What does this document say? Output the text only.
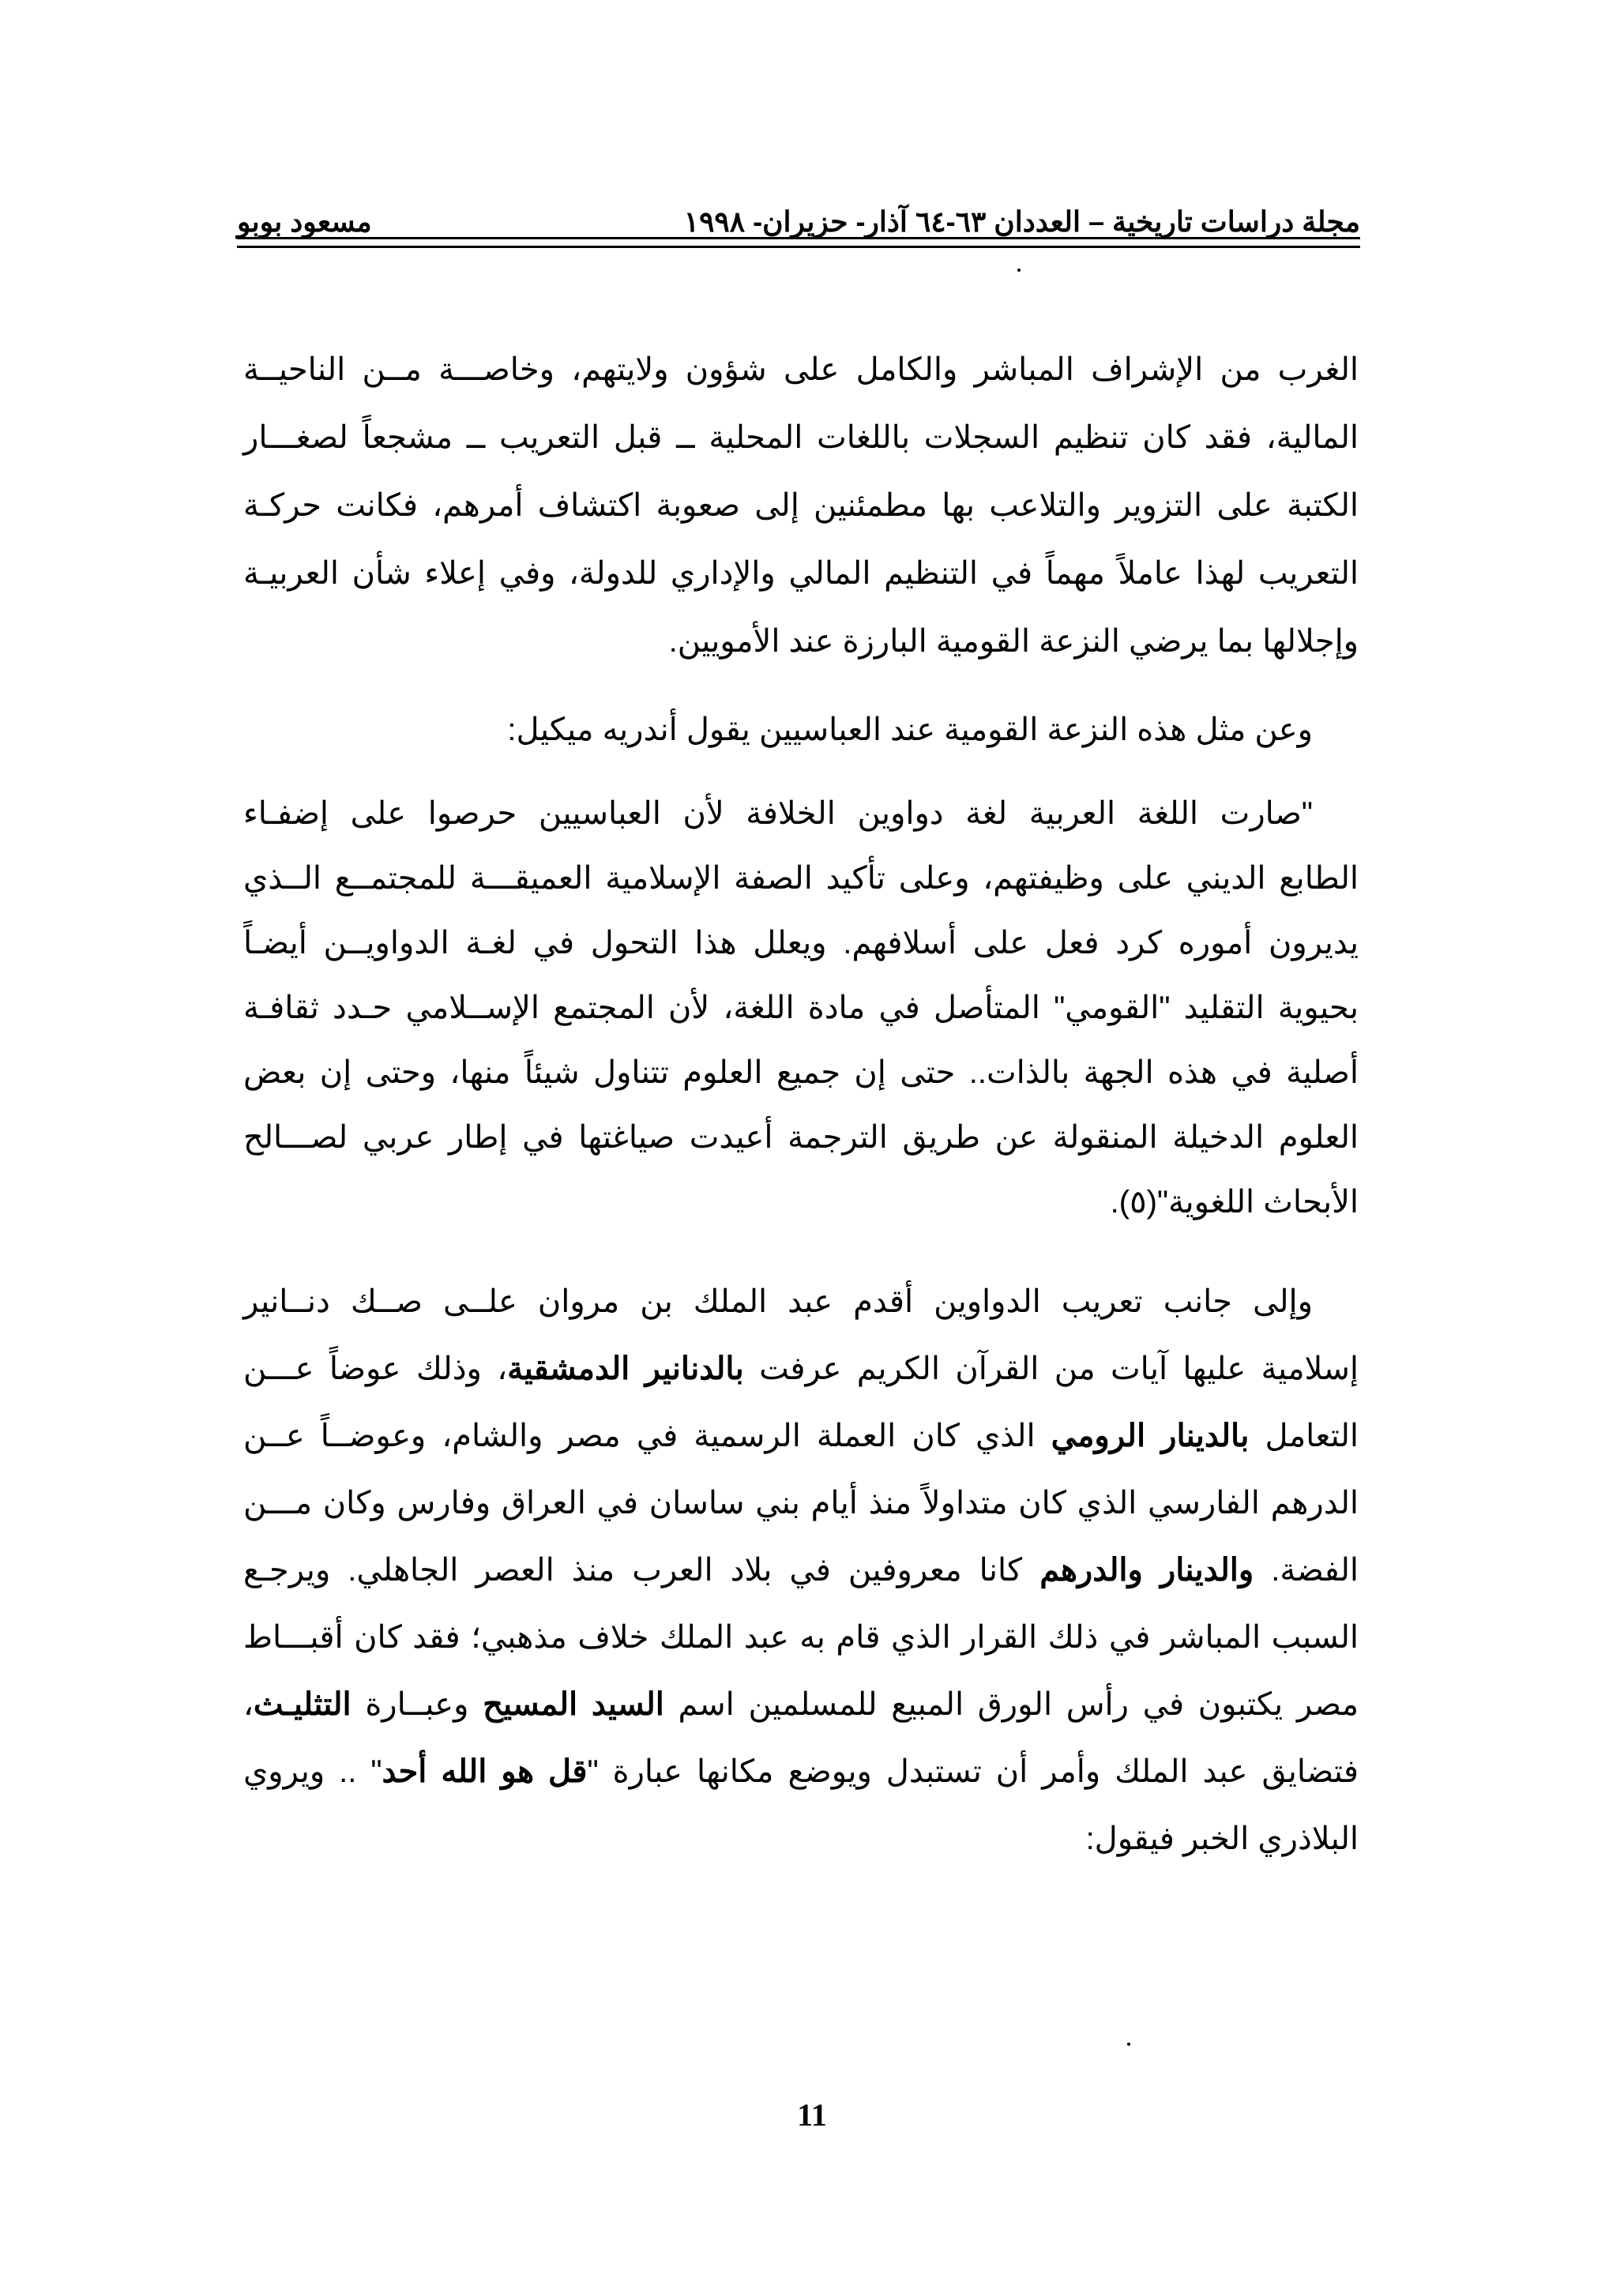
مجلة دراسات تاريخية – العددان ٦٣-٦٤ آذار- حزيران- ١٩٩٨
مسعود بوبو
الغرب من الإشراف المباشر والكامل على شؤون ولايتهم، وخاصـــة مــن الناحيــة
المالية، فقد كان تنظيم السجلات باللغات المحلية ــ قبل التعريب ــ مشجعاً لصغـــار
الكتبة على التزوير والتلاعب بها مطمئنين إلى صعوبة اكتشاف أمرهم، فكانت حركـة
التعريب لهذا عاملاً مهماً في التنظيم المالي والإداري للدولة، وفي إعلاء شأن العربيـة
وإجلالها بما يرضي النزعة القومية البارزة عند الأمويين.
وعن مثل هذه النزعة القومية عند العباسيين يقول أندريه ميكيل:
"صارت اللغة العربية لغة دواوين الخلافة لأن العباسيين حرصوا على إضفـاء
الطابع الديني على وظيفتهم، وعلى تأكيد الصفة الإسلامية العميقـــة للمجتمــع الــذي
يديرون أموره كرد فعل على أسلافهم. ويعلل هذا التحول في لغـة الدواويــن أيضـاً
بحيوية التقليد "القومي" المتأصل في مادة اللغة، لأن المجتمع الإســلامي حـدد ثقافـة
أصلية في هذه الجهة بالذات.. حتى إن جميع العلوم تتناول شيئاً منها، وحتى إن بعض
العلوم الدخيلة المنقولة عن طريق الترجمة أعيدت صياغتها في إطار عربي لصـــالح
الأبحاث اللغوية"(٥).
وإلى جانب تعريب الدواوين أقدم عبد الملك بن مروان علــى صــك دنــانير
إسلامية عليها آيات من القرآن الكريم عرفت بالدنانير الدمشقية، وذلك عوضاً عـــن
التعامل بالدينار الرومي الذي كان العملة الرسمية في مصر والشام، وعوضــاً عــن
الدرهم الفارسي الذي كان متداولاً منذ أيام بني ساسان في العراق وفارس وكان مـــن
الفضة. والدينار والدرهم كانا معروفين في بلاد العرب منذ العصر الجاهلي. ويرجـع
السبب المباشر في ذلك القرار الذي قام به عبد الملك خلاف مذهبي؛ فقد كان أقبـــاط
مصر يكتبون في رأس الورق المبيع للمسلمين اسم السيد المسيح وعبــارة التثليـث،
فتضايق عبد الملك وأمر أن تستبدل ويوضع مكانها عبارة "قل هو الله أحد" .. ويروي
البلاذري الخبر فيقول:
11
